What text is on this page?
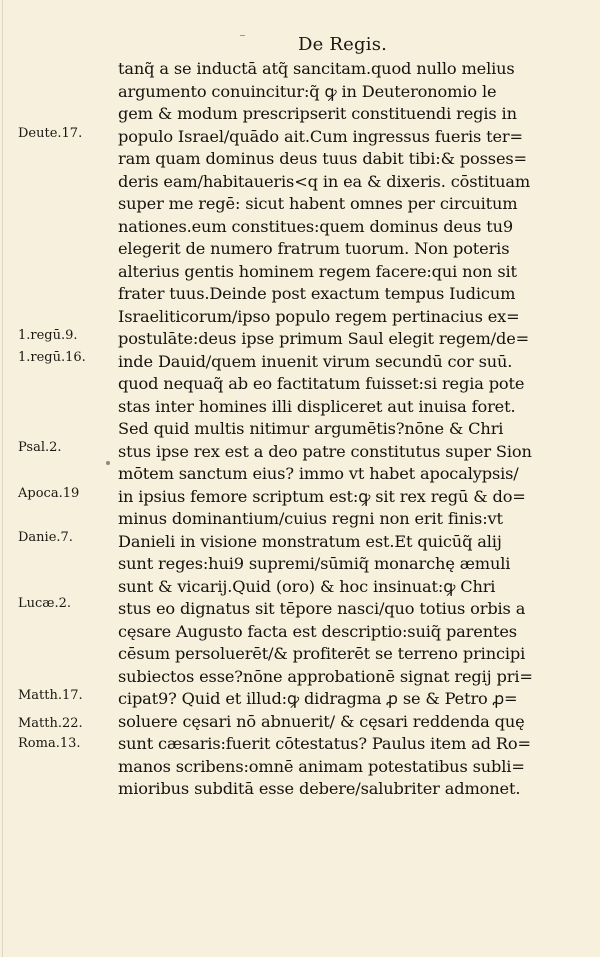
De Regis.
Deute.17.
1.regū.9.
1.regū.16.
Psal.2.
Apoca.19
Danie.7.
Lucæ.2.
Matth.17.
Matth.22.
Roma.13.
tanq̃ a se inductā atq̃ sancitam.quod nullo melius
argumento conuincitur:q̃ ꝙ in Deuteronomio le
gem & modum prescripserit constituendi regis in
populo Israel/quādo ait.Cum ingressus fueris ter=
ram quam dominus deus tuus dabit tibi:& posses=
deris eam/habitaueris<q in ea & dixeris. cōstituam
super me regē: sicut habent omnes per circuitum
nationes.eum constitues:quem dominus deus tu9
elegerit de numero fratrum tuorum. Non poteris
alterius gentis hominem regem facere:qui non sit
frater tuus.Deinde post exactum tempus Iudicum
Israeliticorum/ipso populo regem pertinacius ex=
postulāte:deus ipse primum Saul elegit regem/de=
inde Dauid/quem inuenit virum secundū cor suū.
quod nequaq̃ ab eo factitatum fuisset:si regia pote
stas inter homines illi displiceret aut inuisa foret.
Sed quid multis nitimur argumētis?nōne & Chri
stus ipse rex est a deo patre constitutus super Sion
mōtem sanctum eius? immo vt habet apocalypsis/
in ipsius femore scriptum est:ꝙ sit rex regū & do=
minus dominantium/cuius regni non erit finis:vt
Danieli in visione monstratum est.Et quicūq̃ alij
sunt reges:hui9 supremi/sūmiq̃ monarchę æmuli
sunt & vicarij.Quid (oro) & hoc insinuat:ꝙ Chri
stus eo dignatus sit tēpore nasci/quo totius orbis a
cęsare Augusto facta est descriptio:suiq̃ parentes
cēsum persoluerēt/& profiterēt se terreno principi
subiectos esse?nōne approbationē signat regij pri=
cipat9? Quid et illud:ꝙ didragma ꝓ se & Petro ꝓ=
soluere cęsari nō abnuerit/ & cęsari reddenda quę
sunt cæsaris:fuerit cōtestatus? Paulus item ad Ro=
manos scribens:omnē animam potestatibus subli=
mioribus subditā esse debere/salubriter admonet.
